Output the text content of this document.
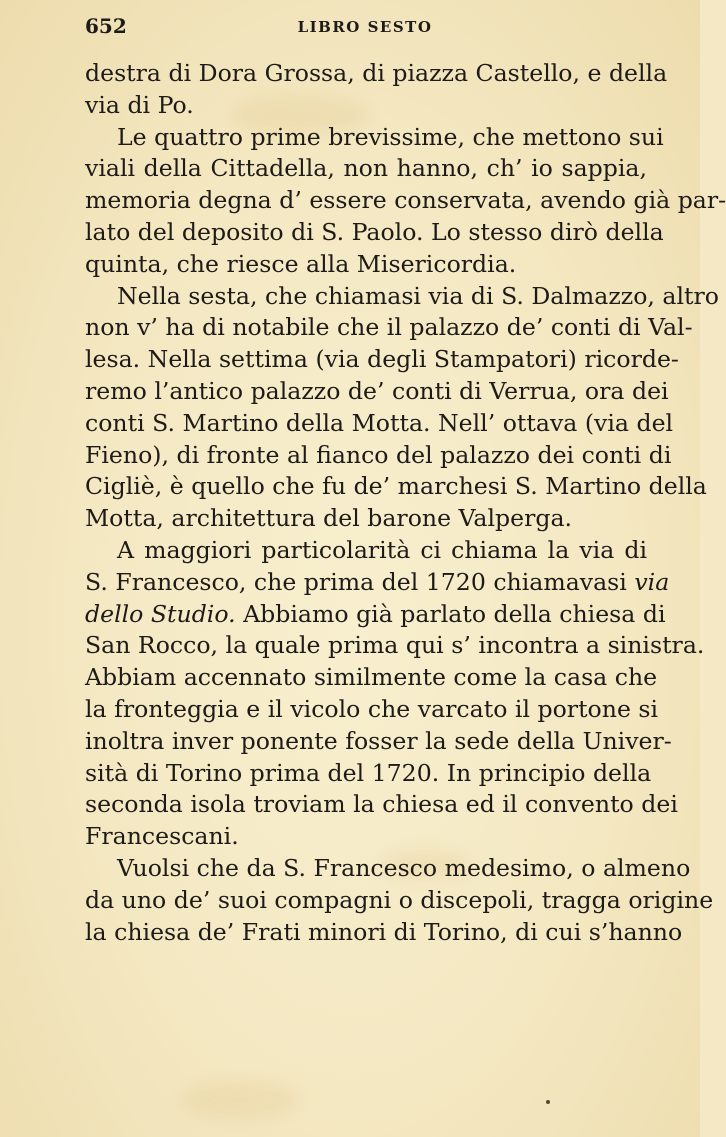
652	LIBRO SESTO
destra di Dora Grossa, di piazza Castello, e della
via di Po.
Le quattro prime brevissime, che mettono sui
viali della Cittadella, non hanno, ch’ io sappia,
memoria degna d’ essere conservata, avendo già par-
lato del deposito di S. Paolo. Lo stesso dirò della
quinta, che riesce alla Misericordia.
Nella sesta, che chiamasi via di S. Dalmazzo, altro
non v’ ha di notabile che il palazzo de’ conti di Val-
lesa. Nella settima (via degli Stampatori) ricorde-
remo l’antico palazzo de’ conti di Verrua, ora dei
conti S. Martino della Motta. Nell’ ottava (via del
Fieno), di fronte al fianco del palazzo dei conti di
Cigliè, è quello che fu de’ marchesi S. Martino della
Motta, architettura del barone Valperga.
A maggiori particolarità ci chiama la via di
S. Francesco, che prima del 1720 chiamavasi via
dello Studio. Abbiamo già parlato della chiesa di
San Rocco, la quale prima qui s’ incontra a sinistra.
Abbiam accennato similmente come la casa che
la fronteggia e il vicolo che varcato il portone si
inoltra inver ponente fosser la sede della Univer-
sità di Torino prima del 1720. In principio della
seconda isola troviam la chiesa ed il convento dei
Francescani.
Vuolsi che da S. Francesco medesimo, o almeno
da uno de’ suoi compagni o discepoli, tragga origine
la chiesa de’ Frati minori di Torino, di cui s’hanno
